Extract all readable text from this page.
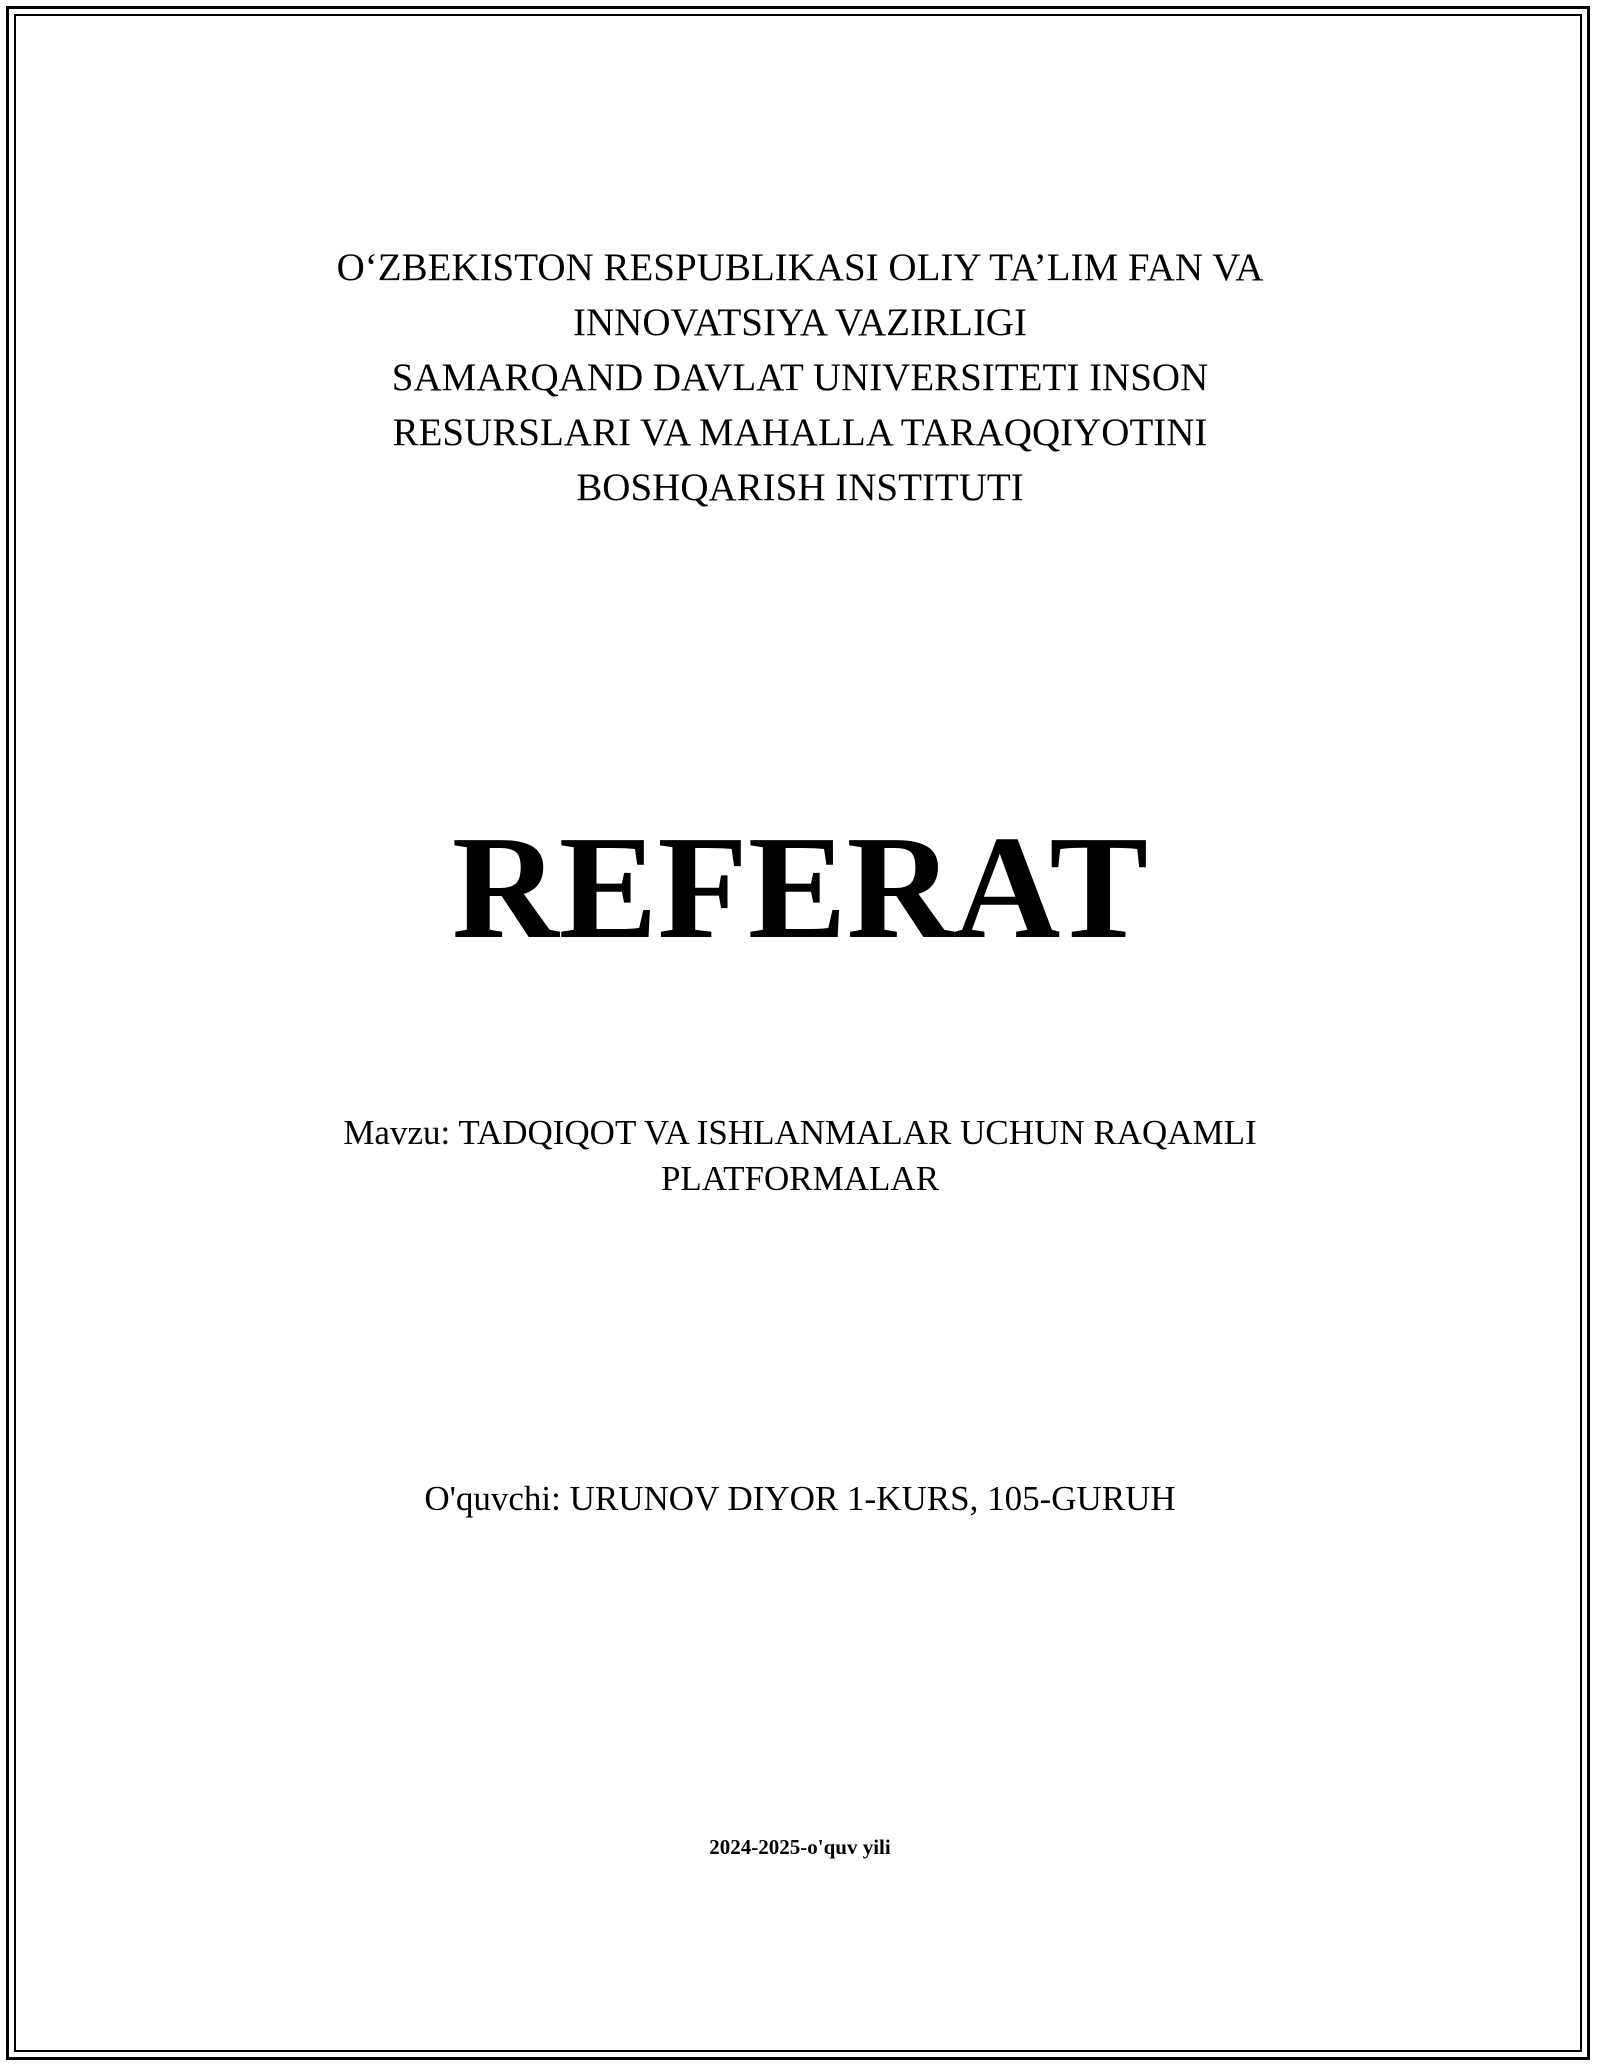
O‘ZBEKISTON RESPUBLIKASI OLIY TA’LIM FAN VA
INNOVATSIYA VAZIRLIGI
SAMARQAND DAVLAT UNIVERSITETI INSON
RESURSLARI VA MAHALLA TARAQQIYOTINI
BOSHQARISH INSTITUTI
REFERAT
Mavzu: TADQIQOT VA ISHLANMALAR UCHUN RAQAMLI
PLATFORMALAR
O'quvchi: URUNOV DIYOR 1-KURS, 105-GURUH
2024-2025-o'quv yili
